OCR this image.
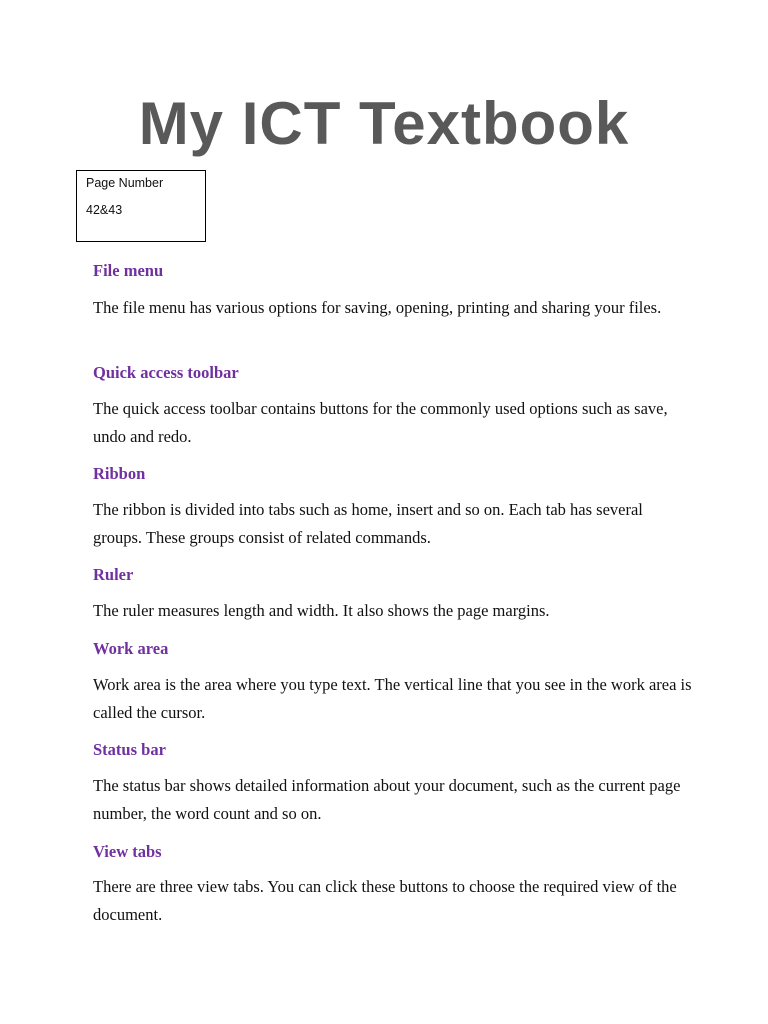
My ICT Textbook
Page Number
42&43
File menu

The file menu has various options for saving, opening, printing and sharing your files.

Quick access toolbar

The quick access toolbar contains buttons for the commonly used options such as save, undo and redo.

Ribbon

The ribbon is divided into tabs such as home, insert and so on. Each tab has several groups. These groups consist of related commands.

Ruler

The ruler measures length and width. It also shows the page margins.

Work area

Work area is the area where you type text. The vertical line that you see in the work area is called the cursor.

Status bar

The status bar shows detailed information about your document, such as the current page number, the word count and so on.

View tabs

There are three view tabs. You can click these buttons to choose the required view of the document.
